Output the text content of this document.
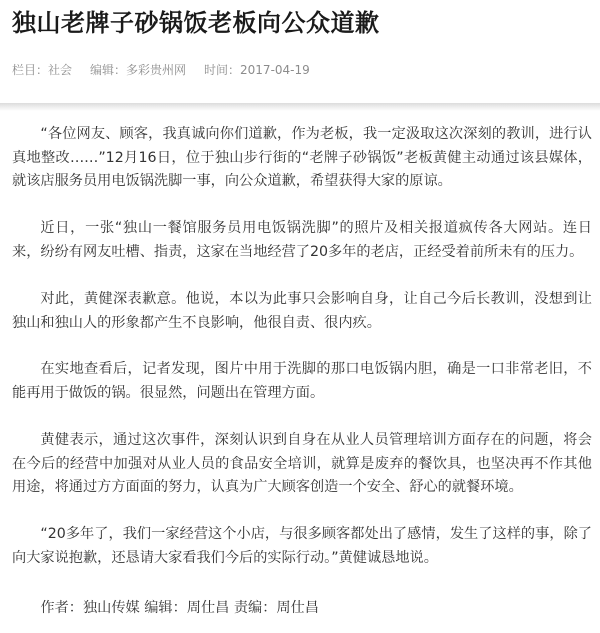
独山老牌子砂锅饭老板向公众道歉
栏目：社会 编辑：多彩贵州网 时间：2017-04-19

“各位网友、顾客，我真诚向你们道歉，作为老板，我一定汲取这次深刻的教训，进行认真地整改……”12月16日，位于独山步行街的“老牌子砂锅饭”老板黄健主动通过该县媒体，就该店服务员用电饭锅洗脚一事，向公众道歉，希望获得大家的原谅。

近日，一张“独山一餐馆服务员用电饭锅洗脚”的照片及相关报道疯传各大网站。连日来，纷纷有网友吐槽、指责，这家在当地经营了20多年的老店，正经受着前所未有的压力。

对此，黄健深表歉意。他说，本以为此事只会影响自身，让自己今后长教训，没想到让独山和独山人的形象都产生不良影响，他很自责、很内疚。

在实地查看后，记者发现，图片中用于洗脚的那口电饭锅内胆，确是一口非常老旧，不能再用于做饭的锅。很显然，问题出在管理方面。

黄健表示，通过这次事件，深刻认识到自身在从业人员管理培训方面存在的问题，将会在今后的经营中加强对从业人员的食品安全培训，就算是废弃的餐饮具，也坚决再不作其他用途，将通过方方面面的努力，认真为广大顾客创造一个安全、舒心的就餐环境。

“20多年了，我们一家经营这个小店，与很多顾客都处出了感情，发生了这样的事，除了向大家说抱歉，还恳请大家看我们今后的实际行动。”黄健诚恳地说。

作者：独山传媒 编辑：周仕昌 责编：周仕昌
